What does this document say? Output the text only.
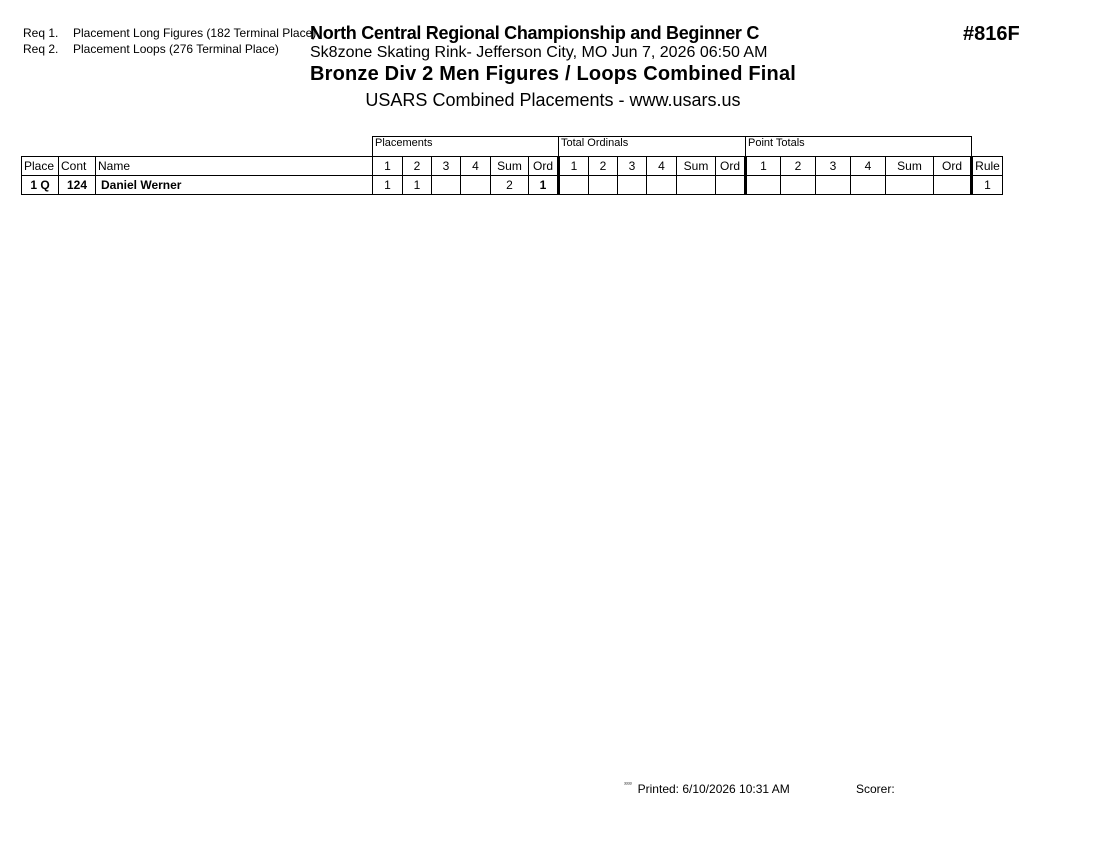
Req 1. Placement Long Figures (182 Terminal Place)
Req 2. Placement Loops (276 Terminal Place)
North Central Regional Championship and Beginner C
Sk8zone Skating Rink- Jefferson City, MO Jun 7, 2026 06:50 AM
Bronze Div 2 Men Figures / Loops Combined Final
USARS Combined Placements - www.usars.us
#816F
			Placements						Total Ordinals						Point Totals						
Place	Cont	Name	1	2	3	4	Sum	Ord	1	2	3	4	Sum	Ord	1	2	3	4	Sum	Ord	Rule
1 Q	124	Daniel Werner	1	1			2	1													1
$^{ᵌᵌᵌᵌ}$ Printed: 6/10/2026 10:31 AM	Scorer:
